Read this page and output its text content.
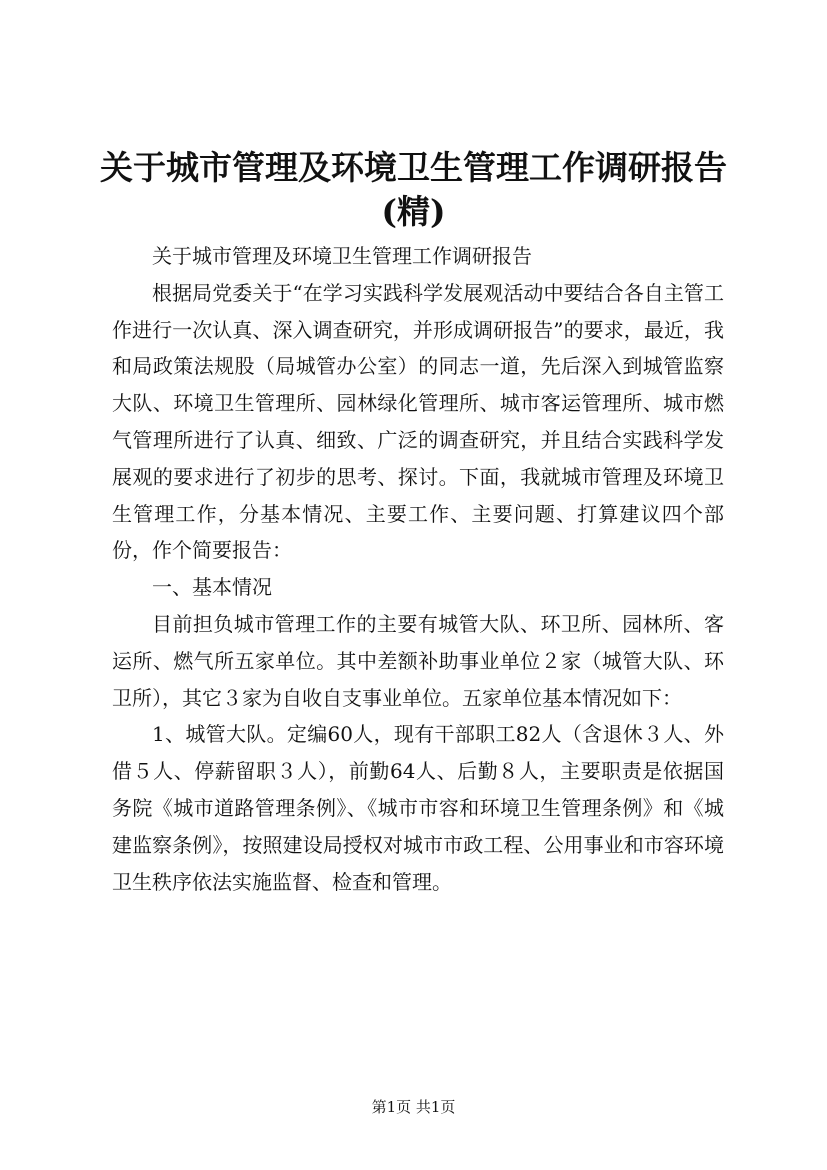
关于城市管理及环境卫生管理工作调研报告
(精)

关于城市管理及环境卫生管理工作调研报告

根据局党委关于“在学习实践科学发展观活动中要结合各自主管工作进行一次认真、深入调查研究，并形成调研报告”的要求，最近，我和局政策法规股（局城管办公室）的同志一道，先后深入到城管监察大队、环境卫生管理所、园林绿化管理所、城市客运管理所、城市燃气管理所进行了认真、细致、广泛的调查研究，并且结合实践科学发展观的要求进行了初步的思考、探讨。下面，我就城市管理及环境卫生管理工作，分基本情况、主要工作、主要问题、打算建议四个部份，作个简要报告：

一、基本情况

目前担负城市管理工作的主要有城管大队、环卫所、园林所、客运所、燃气所五家单位。其中差额补助事业单位２家（城管大队、环卫所），其它３家为自收自支事业单位。五家单位基本情况如下：

1、城管大队。定编60人，现有干部职工82人（含退休３人、外借５人、停薪留职３人），前勤64人、后勤８人，主要职责是依据国务院《城市道路管理条例》、《城市市容和环境卫生管理条例》和《城建监察条例》，按照建设局授权对城市市政工程、公用事业和市容环境卫生秩序依法实施监督、检查和管理。

第1页 共1页
